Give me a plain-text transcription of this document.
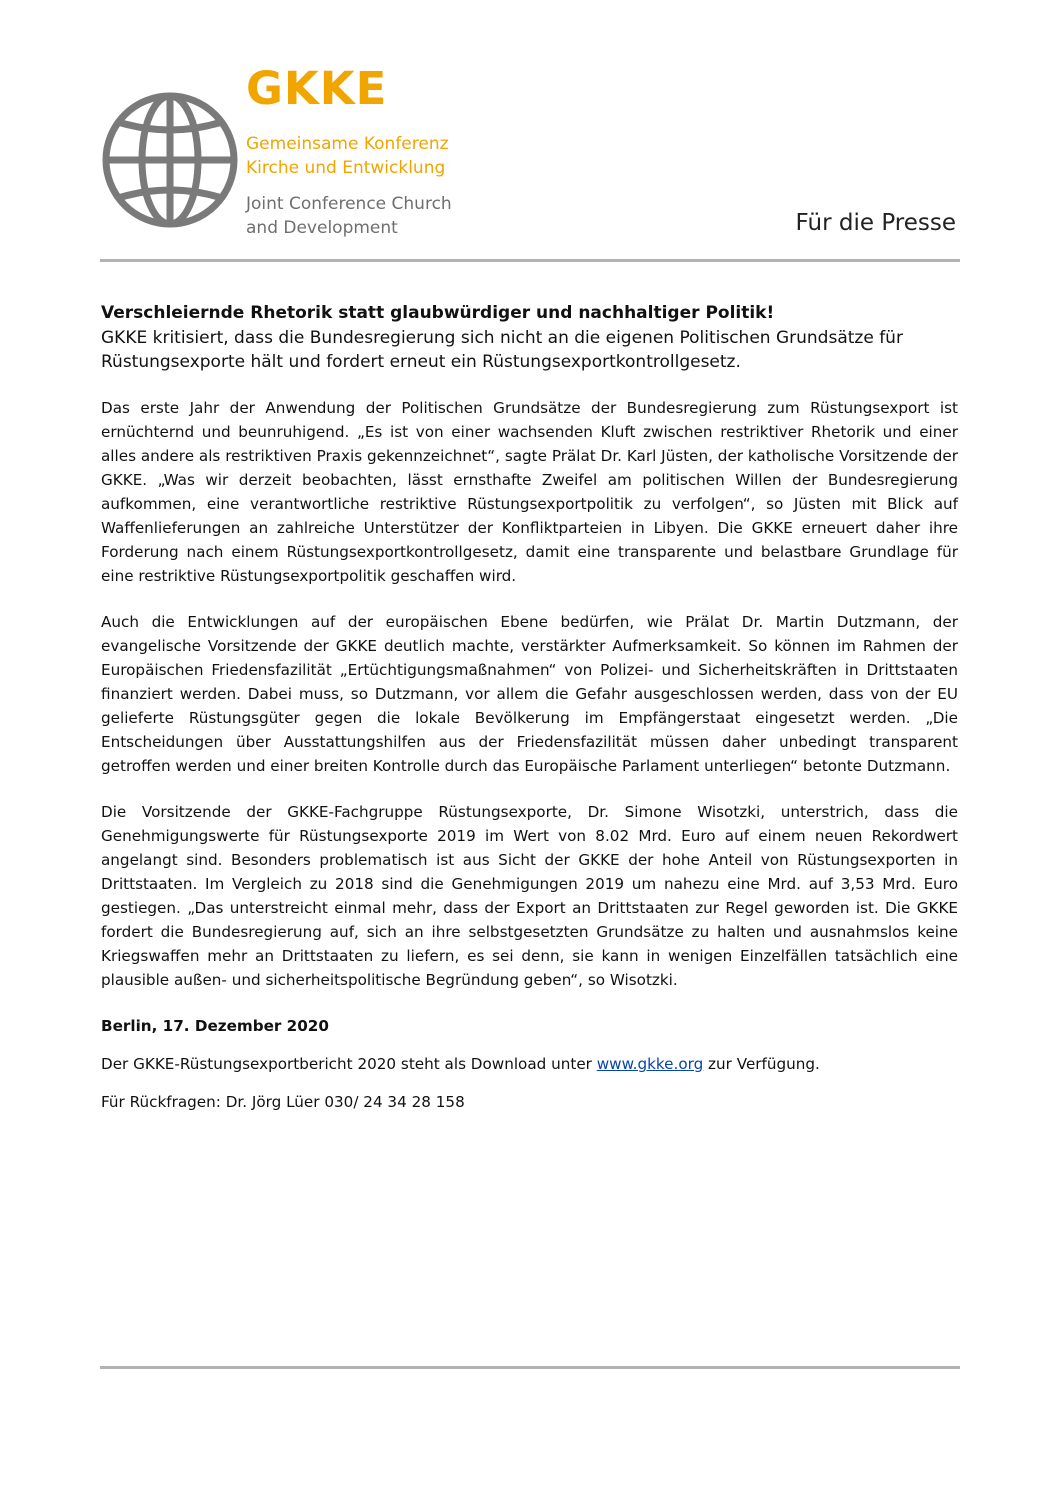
GKKE

Gemeinsame Konferenz

Kirche und Entwicklung

Joint Conference Church

and Development	Für die Presse

Verschleiernde Rhetorik statt glaubwürdiger und nachhaltiger Politik!

GKKE kritisiert, dass die Bundesregierung sich nicht an die eigenen Politischen Grundsätze für Rüstungsexporte hält und fordert erneut ein Rüstungsexportkontrollgesetz.

Das erste Jahr der Anwendung der Politischen Grundsätze der Bundesregierung zum Rüstungsexport ist ernüchternd und beunruhigend. „Es ist von einer wachsenden Kluft zwischen restriktiver Rhetorik und einer alles andere als restriktiven Praxis gekennzeichnet“, sagte Prälat Dr. Karl Jüsten, der katholische Vorsitzende der GKKE. „Was wir derzeit beobachten, lässt ernsthafte Zweifel am politischen Willen der Bundesregierung aufkommen, eine verantwortliche restriktive Rüstungsexportpolitik zu verfolgen“, so Jüsten mit Blick auf Waffenlieferungen an zahlreiche Unterstützer der Konfliktparteien in Libyen. Die GKKE erneuert daher ihre Forderung nach einem Rüstungsexportkontrollgesetz, damit eine transparente und belastbare Grundlage für eine restriktive Rüstungsexportpolitik geschaffen wird.

Auch die Entwicklungen auf der europäischen Ebene bedürfen, wie Prälat Dr. Martin Dutzmann, der evangelische Vorsitzende der GKKE deutlich machte, verstärkter Aufmerksamkeit. So können im Rahmen der Europäischen Friedensfazilität „Ertüchtigungsmaßnahmen“ von Polizei- und Sicherheitskräften in Drittstaaten finanziert werden. Dabei muss, so Dutzmann, vor allem die Gefahr ausgeschlossen werden, dass von der EU gelieferte Rüstungsgüter gegen die lokale Bevölkerung im Empfängerstaat eingesetzt werden. „Die Entscheidungen über Ausstattungshilfen aus der Friedensfazilität müssen daher unbedingt transparent getroffen werden und einer breiten Kontrolle durch das Europäische Parlament unterliegen“ betonte Dutzmann.

Die Vorsitzende der GKKE-Fachgruppe Rüstungsexporte, Dr. Simone Wisotzki, unterstrich, dass die Genehmigungswerte für Rüstungsexporte 2019 im Wert von 8.02 Mrd. Euro auf einem neuen Rekordwert angelangt sind. Besonders problematisch ist aus Sicht der GKKE der hohe Anteil von Rüstungsexporten in Drittstaaten. Im Vergleich zu 2018 sind die Genehmigungen 2019 um nahezu eine Mrd. auf 3,53 Mrd. Euro gestiegen. „Das unterstreicht einmal mehr, dass der Export an Drittstaaten zur Regel geworden ist. Die GKKE fordert die Bundesregierung auf, sich an ihre selbstgesetzten Grundsätze zu halten und ausnahmslos keine Kriegswaffen mehr an Drittstaaten zu liefern, es sei denn, sie kann in wenigen Einzelfällen tatsächlich eine plausible außen- und sicherheitspolitische Begründung geben“, so Wisotzki.

Berlin, 17. Dezember 2020

Der GKKE-Rüstungsexportbericht 2020 steht als Download unter www.gkke.org zur Verfügung.

Für Rückfragen: Dr. Jörg Lüer 030/ 24 34 28 158
